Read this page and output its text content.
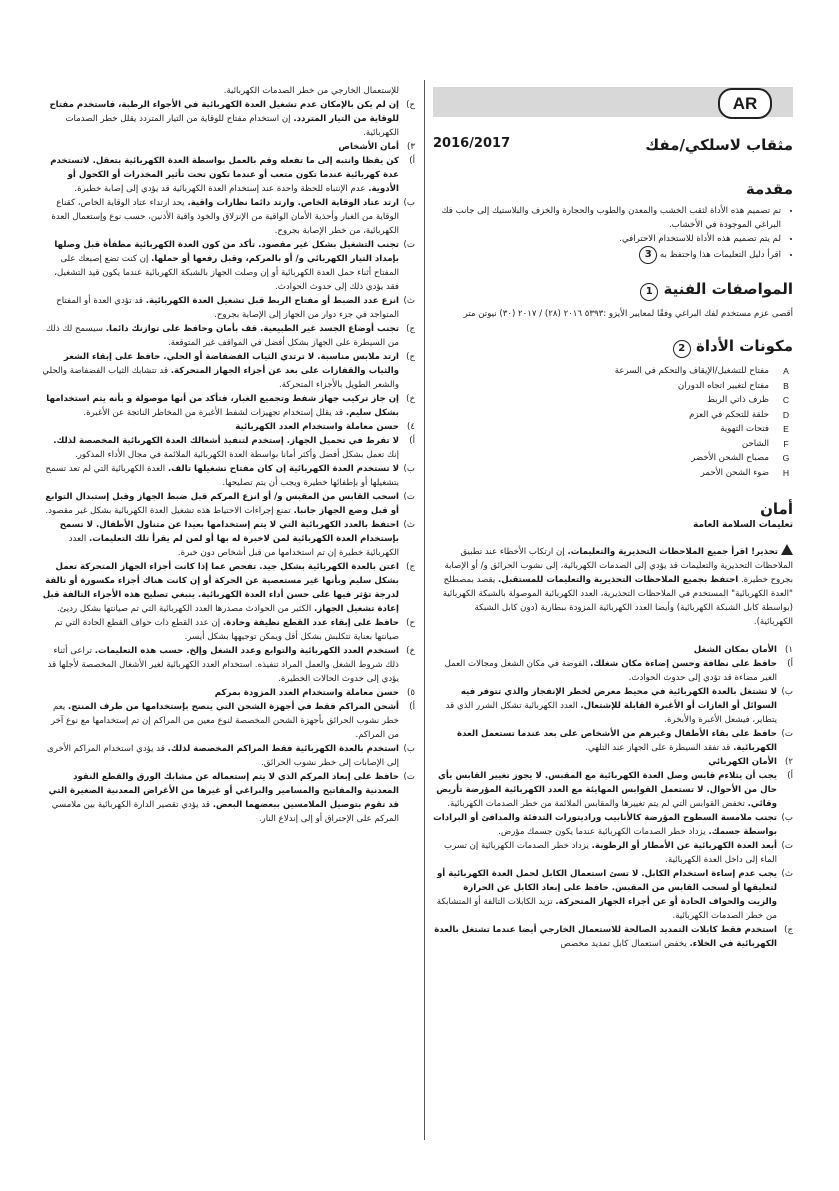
AR
مثقاب لاسلكي/مفك
2016/2017
مقدمة
• تم تصميم هذه الأداة لثقب الخشب والمعدن والطوب والحجارة والخزف والبلاستيك إلى جانب فك البراغي الموجودة في الأخشاب.
• لم يتم تصميم هذه الأداة للاستخدام الاحترافي.
• اقرأ دليل التعليمات هذا واحتفظ به 3
المواصفات الفنية 1

أقصى عزم مستخدم لفك البراغي وفقًا لمعايير الأيزو :٥٣٩٣ ٢٠١٦ (٢٨) / ٢٠١٧ (٣٠) نيوتن متر

مكونات الأداة 2
A
مفتاح للتشغيل/الإيقاف والتحكم في السرعة
B
مفتاح لتغيير اتجاه الدوران
C
ظرف ذاتي الربط
D
حلقة للتحكم في العزم
E
فتحات التهوية
F
الشاحن
G
مصباح الشحن الأخضر
H
ضوء الشحن الأحمر
أمان

تعليمات السلامة العامة

تحذير! اقرأ جميع الملاحظات التحذيرية والتعليمات. إن ارتكاب الأخطاء عند تطبيق الملاحظات التحذيرية والتعليمات قد يؤدي إلى الصدمات الكهربائية، إلى نشوب الحرائق و/ أو الإصابة بجروح خطيرة. احتفظ بجميع الملاحظات التحذيرية والتعليمات للمستقبل. يقصد بمصطلح "العدة الكهربائية" المستخدم في الملاحظات التحذيرية، العدد الكهربائية الموصولة بالشبكة الكهربائية (بواسطة كابل الشبكة الكهربائية) وأيضا العدد الكهربائية المزودة ببطارية (دون كابل الشبكة الكهربائية).

١)
الأمان بمكان الشغل
أ)
حافظ على نظافة وحسن إضاءة مكان شغلك. الفوضة في مكان الشغل ومجالات العمل الغير مضاءة قد تؤدي إلى حدوث الحوادث.
ب)
لا تشتغل بالعدة الكهربائية في محيط معرض لخطر الإنفجار والذي تتوفر فيه السوائل أو الغازات أو الأغبرة القابلة للإشتعال. العدد الكهربائية تشكل الشرر الذي قد يتطاير، فيشعل الأغبرة والأبخرة.
ت)
حافظ على بقاء الأطفال وغيرهم من الأشخاص على بعد عندما تستعمل العدة الكهربائية. قد تفقد السيطرة على الجهاز عند التلهي.
٢)
الأمان الكهربائي
أ)
يجب أن يتلاءم قابس وصل العدة الكهربائية مع المقبس. لا يجوز تغيير القابس بأي حال من الأحوال. لا تستعمل القوابس المهايئة مع العدد الكهربائية المؤرضة تأريض وقائي. تخفض القوابس التي لم يتم تغييرها والمقابس الملائمة من خطر الصدمات الكهربائية.
ب)
تجنب ملامسة السطوح المؤرضة كالأنابيب وراديتورات التدفئة والمدافئ أو البرادات بواسطة جسمك. يزداد خطر الصدمات الكهربائية عندما يكون جسمك مؤرض.
ت)
أبعد العدة الكهربائية عن الأمطار أو الرطوبة. يزداد خطر الصدمات الكهربائية إن تسرب الماء إلى داخل العدة الكهربائية.
ث)
يجب عدم إساءة استخدام الكابل. لا تسئ استعمال الكابل لحمل العدة الكهربائية أو لتعليقها أو لسحب القابس من المقبس. حافظ على إبعاد الكابل عن الحرارة والزيت والحواف الحادة أو عن أجزاء الجهاز المتحركة. تزيد الكابلات التالفة أو المتشابكة من خطر الصدمات الكهربائية.
ج)
استخدم فقط كابلات التمديد الصالحة للاستعمال الخارجي أيضا عندما تشتغل بالعدة الكهربائية في الخلاء. يخفض استعمال كابل تمديد مخصص
للإستعمال الخارجي من خطر الصدمات الكهربائية.
ح)
إن لم يكن بالإمكان عدم تشغيل العدة الكهربائية في الأجواء الرطبة، فاستخدم مفتاح للوقاية من التيار المتردد. إن استخدام مفتاح للوقاية من التيار المتردد يقلل خطر الصدمات الكهربائية.
٣)
أمان الأشخاص
أ)
كن يقظا وانتبه إلى ما تفعله وقم بالعمل بواسطة العدة الكهربائية بتعقل. لاتستخدم عدة كهربائية عندما تكون متعب أو عندما تكون تحت تأثير المخدرات أو الكحول أو الأدوية. عدم الإنتباه للحظة واحدة عند إستخدام العدة الكهربائية قد يؤدي إلى إصابة خطيرة.
ب)
ارتد عتاد الوقاية الخاص. وارتد دائما نظارات واقية. يحد ارتداء عتاد الوقاية الخاص، كقناع الوقاية من الغبار وأحذية الأمان الواقية من الإنزلاق والخوذ واقية الأذنين، حسب نوع وإستعمال العدة الكهربائية، من خطر الإصابة بجروح.
ت)
تجنب التشغيل بشكل غير مقصود. تأكد من كون العدة الكهربائية مطفأة قبل وصلها بإمداد التيار الكهربائي و/ أو بالمركم، وقبل رفعها أو حملها. إن كنت تضع إصبعك على المفتاح أثناء حمل العدة الكهربائية أو إن وصلت الجهاز بالشبكة الكهربائية عندما يكون قيد التشغيل، فقد يؤدي ذلك إلى حدوث الحوادث.
ث)
انزع عدد الضبط أو مفتاح الربط قبل تشغيل العدة الكهربائية. قد تؤدي العدة أو المفتاح المتواجد في جزء دوار من الجهاز إلى الإصابة بجروح.
ج)
تجنب أوضاع الجسد غير الطبيعية. قف بأمان وحافظ على توازنك دائما. سيسمح لك ذلك من السيطرة على الجهاز بشكل أفضل في المواقف غير المتوقعة.
ح)
ارتد ملابس مناسبة. لا ترتدي الثياب الفضفاضة أو الحلي. حافظ على إبقاء الشعر والثياب والقفازات على بعد عن أجزاء الجهاز المتحركة. قد تتشابك الثياب الفضفاضة والحلي والشعر الطويل بالأجزاء المتحركة.
خ)
إن جاز تركيب جهاز شفط وتجميع الغبار، فتأكد من أنها موصولة و بأنه يتم استخدامها بشكل سليم. قد يقلل إستخدام تجهيزات لشفط الأغبرة من المخاطر الناتجة عن الأغبرة.
٤)
حسن معاملة واستخدام العدد الكهربائية
أ)
لا تفرط في تحميل الجهاز. إستخدم لتنفيذ أشغالك العدة الكهربائية المخصصة لذلك. إنك تعمل بشكل أفضل وأكثر أمانا بواسطة العدة الكهربائية الملائمة في مجال الأداء المذكور.
ب)
لا تستخدم العدة الكهربائية إن كان مفتاح تشغيلها تالف. العدة الكهربائية التي لم تعد تسمح بتشغيلها أو بإطفائها خطيرة ويجب أن يتم تصليحها.
ت)
اسحب القابس من المقبس و/ أو انزع المركم قبل ضبط الجهاز وقبل إستبدال التوابع أو قبل وضع الجهاز جانبا. تمنع إجراءات الاحتياط هذه تشغيل العدة الكهربائية بشكل غير مقصود.
ث)
احتفظ بالعدد الكهربائية التي لا يتم إستخدامها بعيدا عن متناول الأطفال. لا تسمح بإستخدام العدة الكهربائية لمن لاخبرة له بها أو لمن لم يقرأ تلك التعليمات. العدد الكهربائية خطيرة إن تم استخدامها من قبل أشخاص دون خبرة.
ج)
اعتن بالعدة الكهربائية بشكل جيد. تفحص عما إذا كانت أجزاء الجهاز المتحركة تعمل بشكل سليم وبأنها غير مستعصية عن الحركة أو إن كانت هناك أجزاء مكسورة أو تالفة لدرجة تؤثر فيها على حسن أداء العدة الكهربائية. ينبغي تصليح هذه الأجزاء التالفة قبل إعادة تشغيل الجهاز. الكثير من الحوادث مصدرها العدد الكهربائية التي تم صيانتها بشكل رديئ.
ح)
حافظ على إبقاء عدد القطع نظيفة وحادة. إن عدد القطع ذات حواف القطع الحادة التي تم صيانتها بعناية تتكلبش بشكل أقل ويمكن توجيهها بشكل أيسر.
خ)
استخدم العدد الكهربائية والتوابع وعدد الشغل وإلخ. حسب هذه التعليمات. تراعى أثناء ذلك شروط الشغل والعمل المراد تنفيذه. استخدام العدد الكهربائية لغير الأشغال المخصصة لأجلها قد يؤدي إلى حدوث الحالات الخطيرة.
٥)
حسن معاملة واستخدام العدد المزودة بمركم
أ)
أشحن المراكم فقط في أجهزة الشحن التي ينصح بإستخدامها من طرف المنتج. يعم خطر نشوب الحرائق بأجهزة الشحن المخصصة لنوع معين من المراكم إن تم إستخدامها مع نوع آخر من المراكم.
ب)
استخدم بالعدة الكهربائية فقط المراكم المخصصة لذلك. قد يؤدي استخدام المراكم الأخرى إلى الإصابات إلى خطر نشوب الحرائق.
ت)
حافظ على إبعاد المركم الذي لا يتم إستعماله عن مشابك الورق والقطع النقود المعدنية والمفاتيح والمسامير والبراغي أو غيرها من الأغراض المعدنية الصغيرة التي قد تقوم بتوصيل الملامسين ببعضهما البعض. قد يؤدي تقصير الدارة الكهربائية بين ملامسي المركم على الإحتراق أو إلى إندلاع النار.
